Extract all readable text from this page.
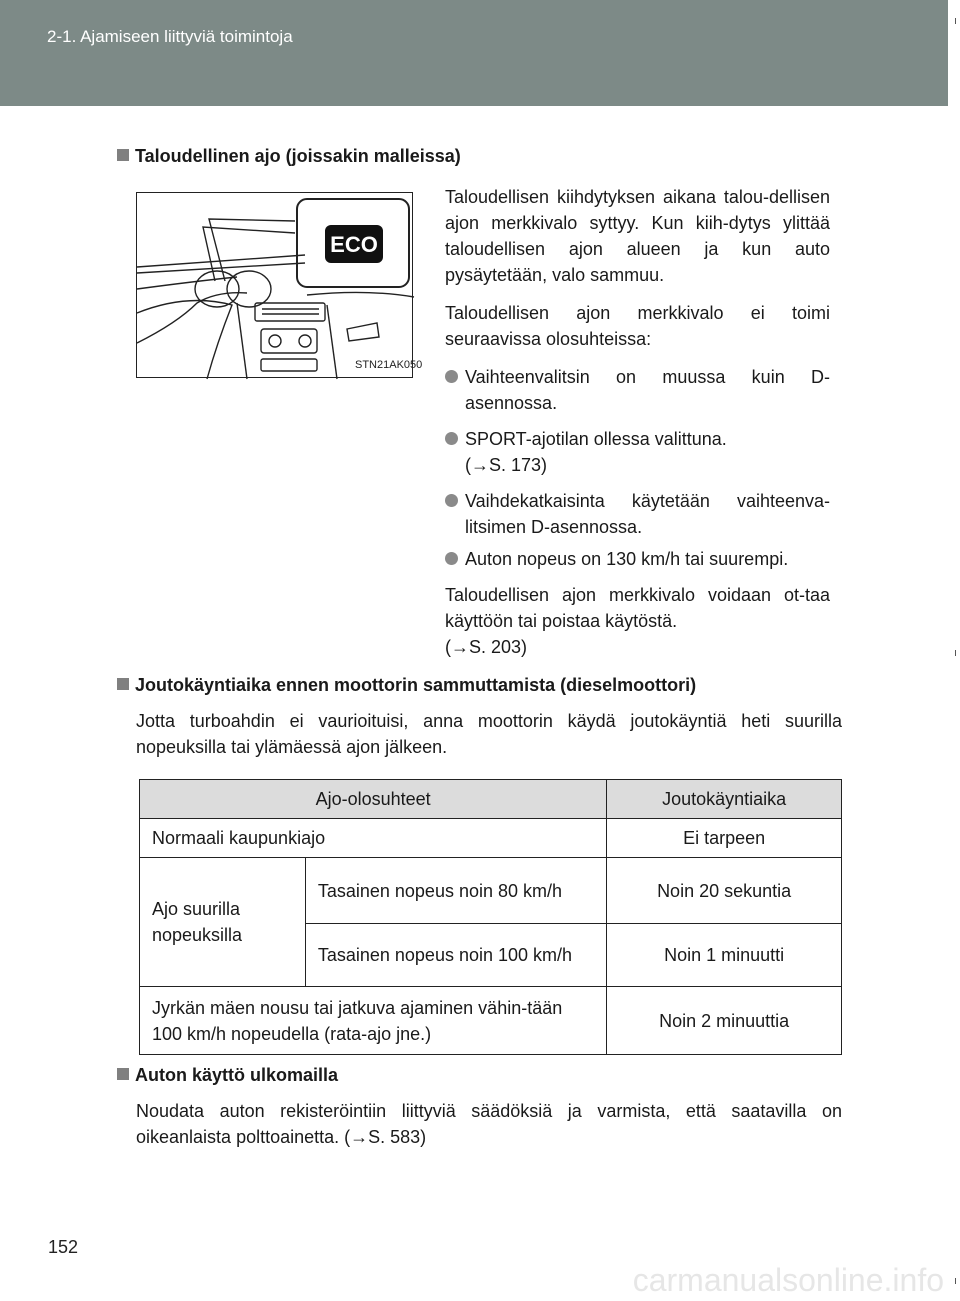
2-1. Ajamiseen liittyviä toimintoja
Taloudellinen ajo (joissakin malleissa)
ECO
STN21AK050
Taloudellisen kiihdytyksen aikana talou-dellisen ajon merkkivalo syttyy. Kun kiih-dytys ylittää taloudellisen ajon alueen ja kun auto pysäytetään, valo sammuu.
Taloudellisen ajon merkkivalo ei toimi seuraavissa olosuhteissa:
Vaihteenvalitsin on muussa kuin D-asennossa.
SPORT-ajotilan ollessa valittuna.
(→S. 173)
Vaihdekatkaisinta käytetään vaihteenva-litsimen D-asennossa.
Auton nopeus on 130 km/h tai suurempi.
Taloudellisen ajon merkkivalo voidaan ot-taa käyttöön tai poistaa käytöstä.
(→S. 203)
Joutokäyntiaika ennen moottorin sammuttamista (dieselmoottori)
Jotta turboahdin ei vaurioituisi, anna moottorin käydä joutokäyntiä heti suurilla nopeuksilla tai ylämäessä ajon jälkeen.
Ajo-olosuhteet		Joutokäyntiaika
Normaali kaupunkiajo		Ei tarpeen
Ajo suurilla nopeuksilla	Tasainen nopeus noin 80 km/h	Noin 20 sekuntia
	Tasainen nopeus noin 100 km/h	Noin 1 minuutti
Jyrkän mäen nousu tai jatkuva ajaminen vähin-tään 100 km/h nopeudella (rata-ajo jne.)		Noin 2 minuuttia
Auton käyttö ulkomailla
Noudata auton rekisteröintiin liittyviä säädöksiä ja varmista, että saatavilla on oikeanlaista polttoainetta. (→S. 583)
152
carmanualsonline.info
